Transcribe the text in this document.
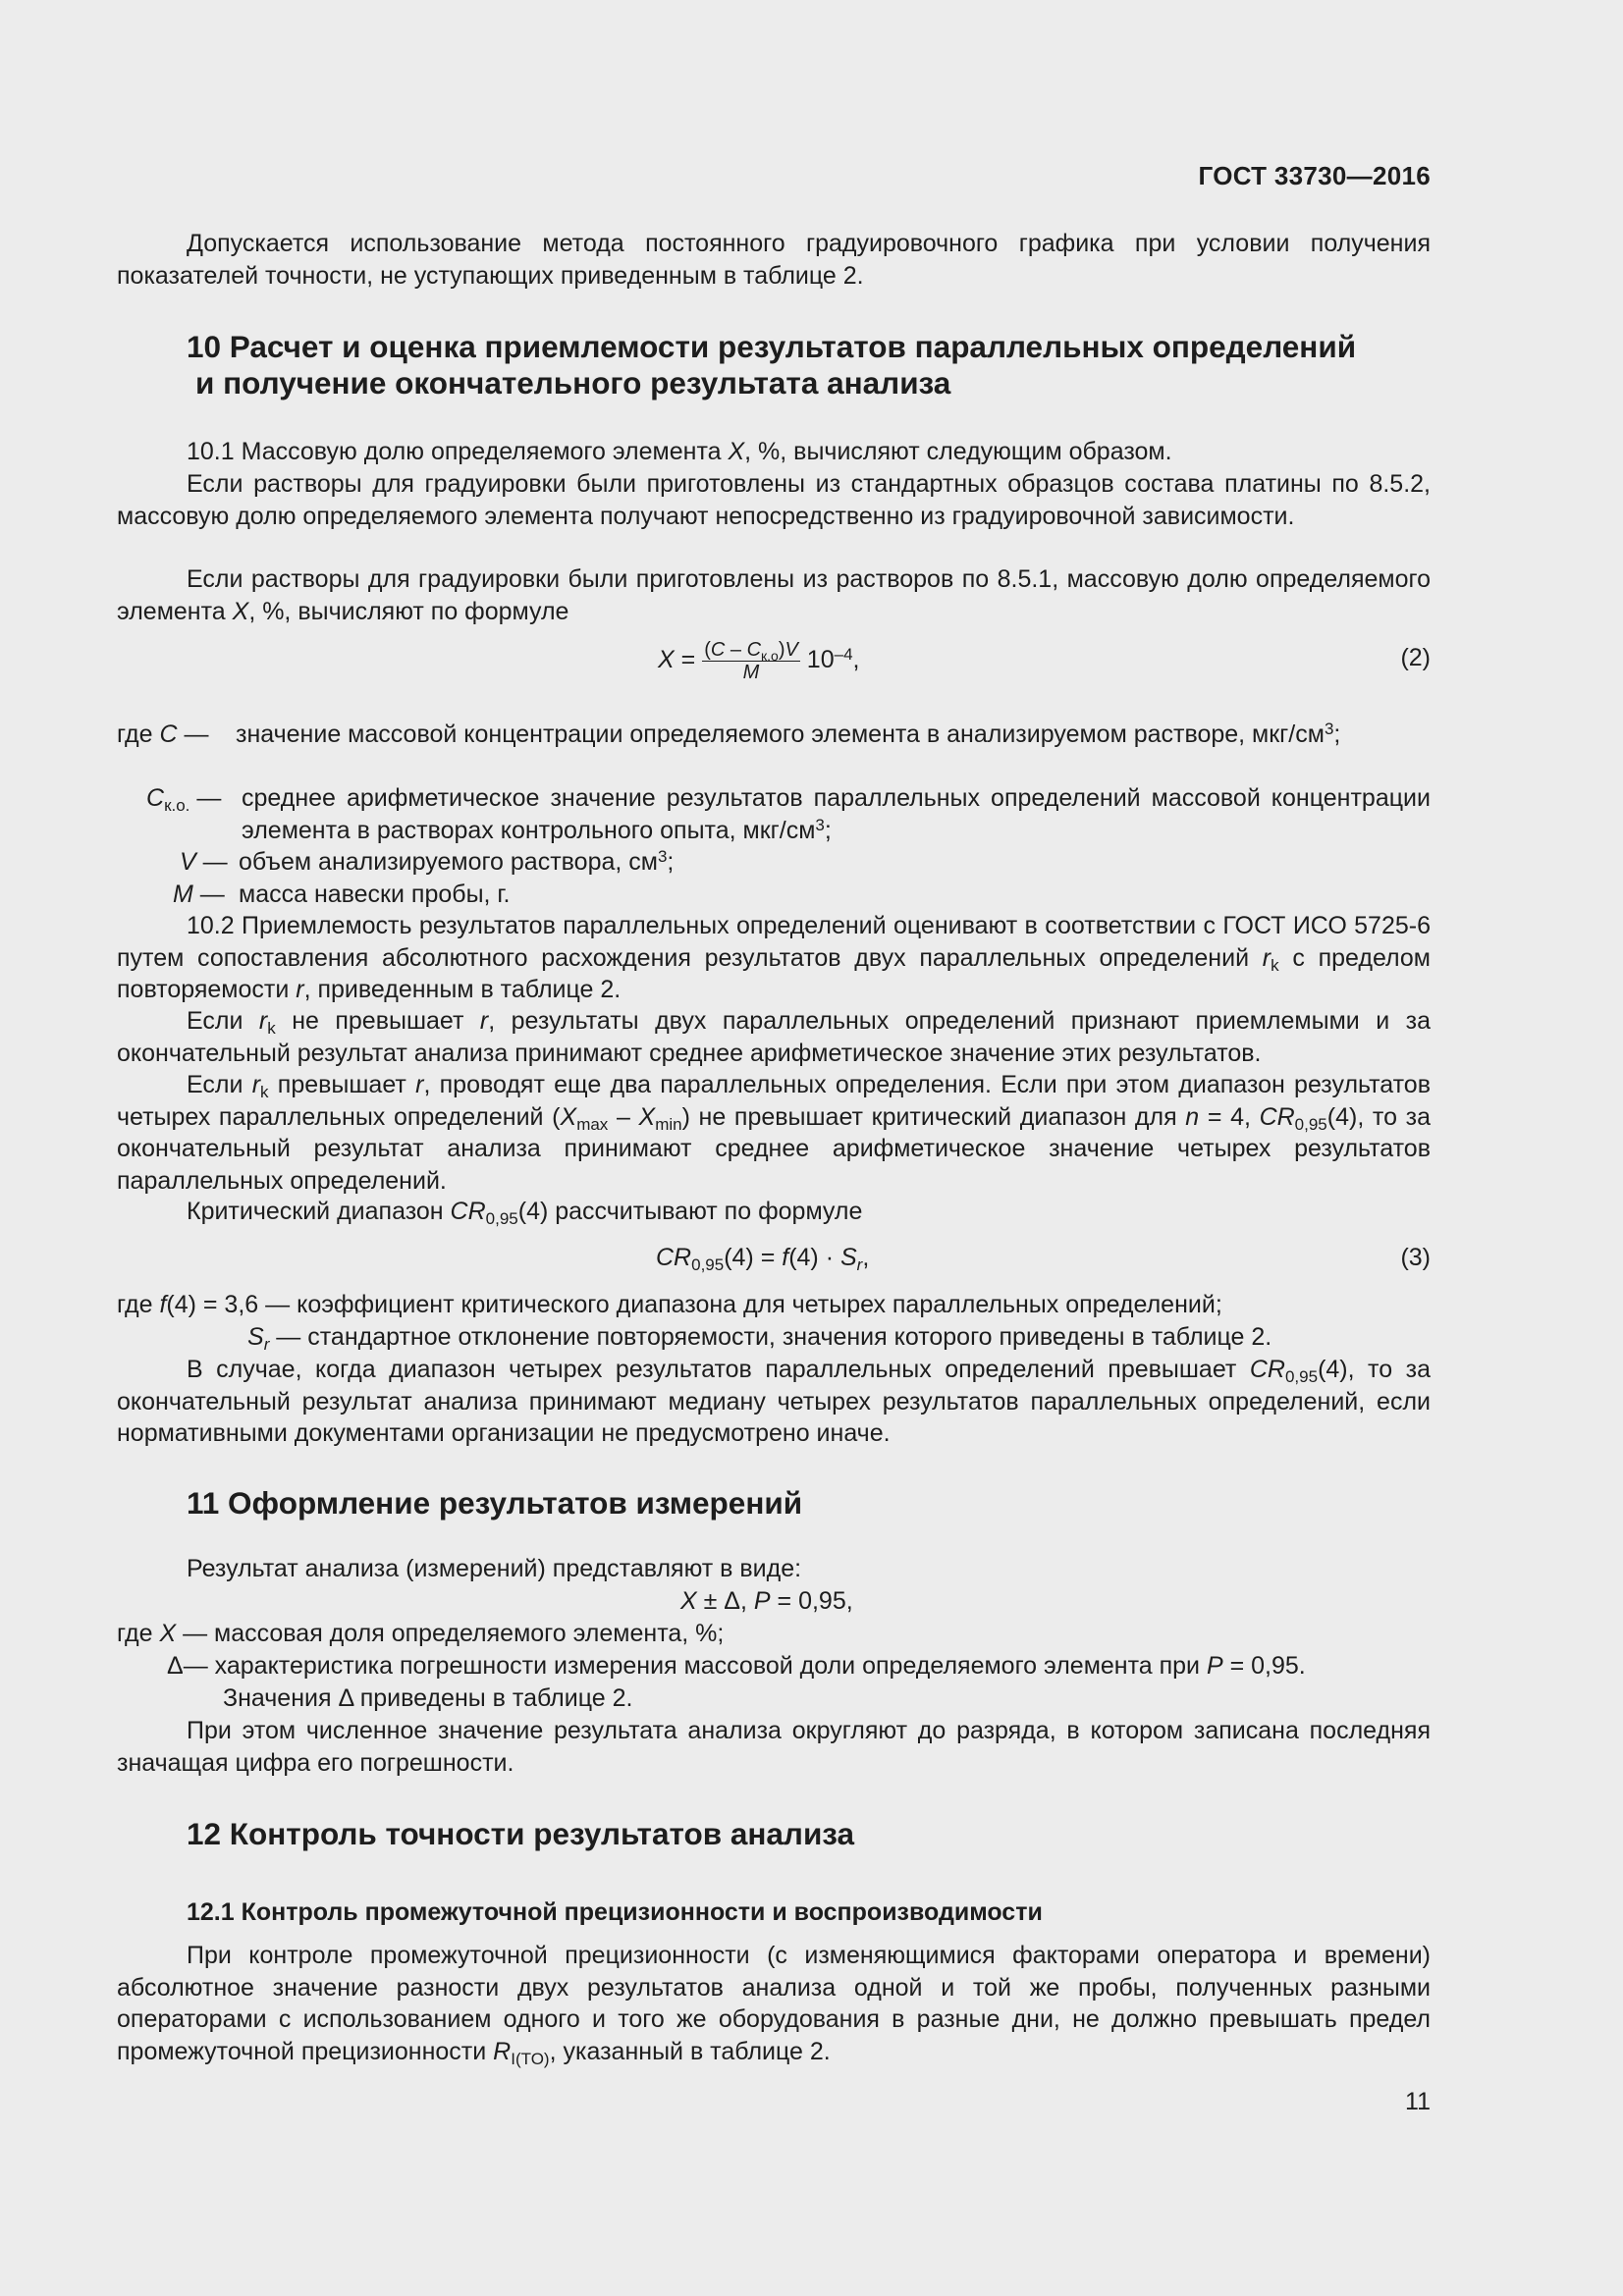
ГОСТ 33730—2016

Допускается использование метода постоянного градуировочного графика при условии получения показателей точности, не уступающих приведенным в таблице 2.

10 Расчет и оценка приемлемости результатов параллельных определений

и получение окончательного результата анализа

10.1 Массовую долю определяемого элемента X, %, вычисляют следующим образом.

Если растворы для градуировки были приготовлены из стандартных образцов состава платины по 8.5.2, массовую долю определяемого элемента получают непосредственно из градуировочной зависимости.

Если растворы для градуировки были приготовлены из растворов по 8.5.1, массовую долю определяемого элемента X, %, вычисляют по формуле

$X = \frac{(C - C_{к.о})V}{M} 10^{-4}$,	(2)
где C — значение массовой концентрации определяемого элемента в анализируемом растворе, мкг/$см^3$;
$C_{к.о.}$ — среднее арифметическое значение результатов параллельных определений массовой концентрации элемента в растворах контрольного опыта, мкг/$см^3$;
V — объем анализируемого раствора, $см^3$;
M — масса навески пробы, г.

10.2 Приемлемость результатов параллельных определений оценивают в соответствии с ГОСТ ИСО 5725-6 путем сопоставления абсолютного расхождения результатов двух параллельных определений $r_k$ с пределом повторяемости r, приведенным в таблице 2.

Если $r_k$ не превышает r, результаты двух параллельных определений признают приемлемыми и за окончательный результат анализа принимают среднее арифметическое значение этих результатов.

Если $r_k$ превышает r, проводят еще два параллельных определения. Если при этом диапазон результатов четырех параллельных определений $(X_{max} - X_{min})$ не превышает критический диапазон для n = 4, $CR_{0,95}(4)$, то за окончательный результат анализа принимают среднее арифметическое значение четырех результатов параллельных определений.

Критический диапазон $CR_{0,95}(4)$ рассчитывают по формуле

$CR_{0,95}(4) = f(4) \cdot S_r$,	(3)
где f(4) = 3,6 — коэффициент критического диапазона для четырех параллельных определений;
$S_r$ — стандартное отклонение повторяемости, значения которого приведены в таблице 2.

В случае, когда диапазон четырех результатов параллельных определений превышает $CR_{0,95}(4)$, то за окончательный результат анализа принимают медиану четырех результатов параллельных определений, если нормативными документами организации не предусмотрено иначе.

11 Оформление результатов измерений

Результат анализа (измерений) представляют в виде:

X ± Δ, P = 0,95,
где X — массовая доля определяемого элемента, %;
Δ— характеристика погрешности измерения массовой доли определяемого элемента при P = 0,95.
Значения Δ приведены в таблице 2.

При этом численное значение результата анализа округляют до разряда, в котором записана последняя значащая цифра его погрешности.

12 Контроль точности результатов анализа

12.1 Контроль промежуточной прецизионности и воспроизводимости

При контроле промежуточной прецизионности (с изменяющимися факторами оператора и времени) абсолютное значение разности двух результатов анализа одной и той же пробы, полученных разными операторами с использованием одного и того же оборудования в разные дни, не должно превышать предел промежуточной прецизионности $R_{I(TO)}$, указанный в таблице 2.

11
